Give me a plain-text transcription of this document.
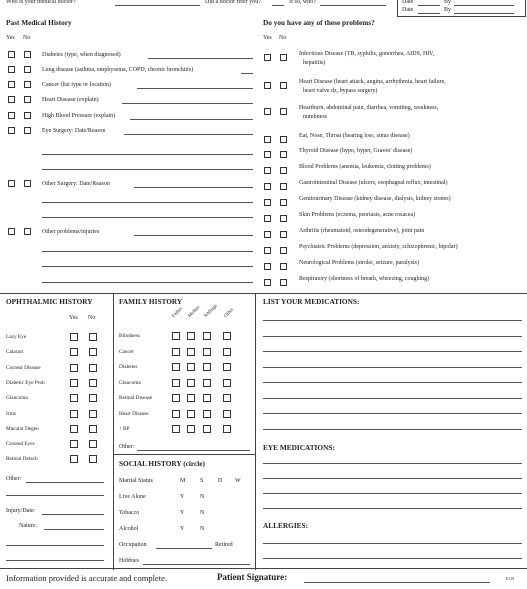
Who is your medical doctor?	Did a doctor refer you?	If so, who?	Date	By
Date	By
Past Medical History
Yes No
Diabetes (type, when diagnosed)
Lung disease (asthma, emphysema, COPD, chronic bronchitis)
Cancer (list type or location)
Heart Disease (explain)
High Blood Pressure (explain)
Eye Surgery: Date/Reason
Other Surgery: Date/Reason
Other problems/injuries
Do you have any of these problems?
Yes No
Infectious Disease (TB, syphilis, gonorrhea, AIDS, HIV,
hepatitis)
Heart Disease (heart attack, angina, arrhythmia, heart failure,
heart valve dz, bypass surgery)
Heartburn, abdominal pain, diarrhea, vomiting, weakness,
numbness
Eat, Nose, Throat (hearing loss, sinus disease)
Thyroid Disease (hypo, hyper, Graves' disease)
Blood Problems (anemia, leukemia, clotting problems)
Gastrointestinal Disease (ulcers, esophageal reflux, intestinal)
Genitourinary Disease (kidney disease, dialysis, kidney stones)
Skin Problems (eczema, psoriasis, acne rosacea)
Arthritis (rheumatoid, osteodegenerative), joint pain
Psychiatric Problems (depression, anxiety, schizophrenic, bipolar)
Neurological Problems (stroke, seizure, paralysis)
Respiratory (shortness of breath, wheezing, coughing)
OPHTHALMIC HISTORY
Yes No
Lazy Eye
Cataract
Corneal Disease
Diabetic Eye Prob
Glaucoma
Iritis
Macular Degen
Crossed Eyes
Retinal Detach
Other:
Injury/Date:
Nature:
FAMILY HISTORY
Father Mother Siblings Other
Blindness
Cancer
Diabetes
Glaucoma
Retinal Disease
Heart Disease
↑ BP
Other:
SOCIAL HISTORY (circle)
Marital Status	M S D W
Live Alone	Y	N
Tobacco	Y	N
Alcohol	Y	N
Occupation	Retired
Hobbies
LIST YOUR MEDICATIONS:
EYE MEDICATIONS:
ALLERGIES:
Information provided is accurate and complete.	Patient Signature:	E119
